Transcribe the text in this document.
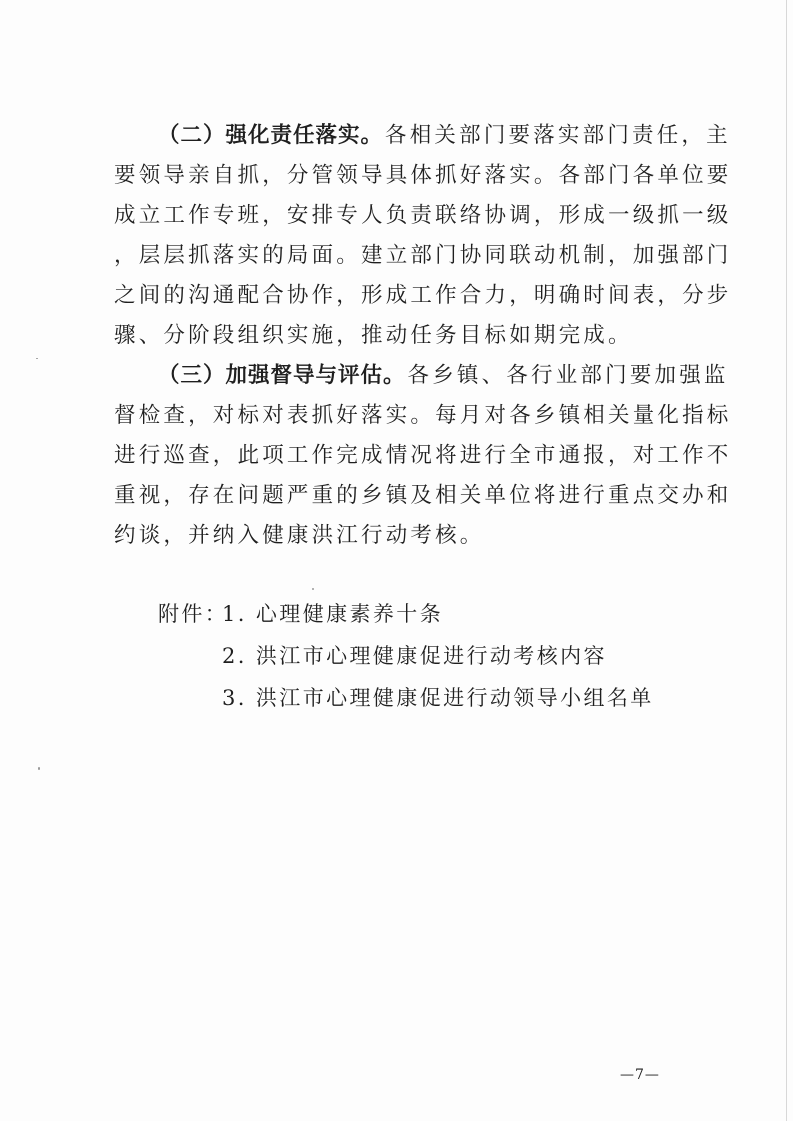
（二）强化责任落实。各相关部门要落实部门责任，主
要领导亲自抓，分管领导具体抓好落实。各部门各单位要
成立工作专班，安排专人负责联络协调，形成一级抓一级
，层层抓落实的局面。建立部门协同联动机制，加强部门
之间的沟通配合协作，形成工作合力，明确时间表，分步
骤、分阶段组织实施，推动任务目标如期完成。
（三）加强督导与评估。各乡镇、各行业部门要加强监
督检查，对标对表抓好落实。每月对各乡镇相关量化指标
进行巡查，此项工作完成情况将进行全市通报，对工作不
重视，存在问题严重的乡镇及相关单位将进行重点交办和
约谈，并纳入健康洪江行动考核。
附件：
1. 心理健康素养十条
2. 洪江市心理健康促进行动考核内容
3. 洪江市心理健康促进行动领导小组名单
—7—
